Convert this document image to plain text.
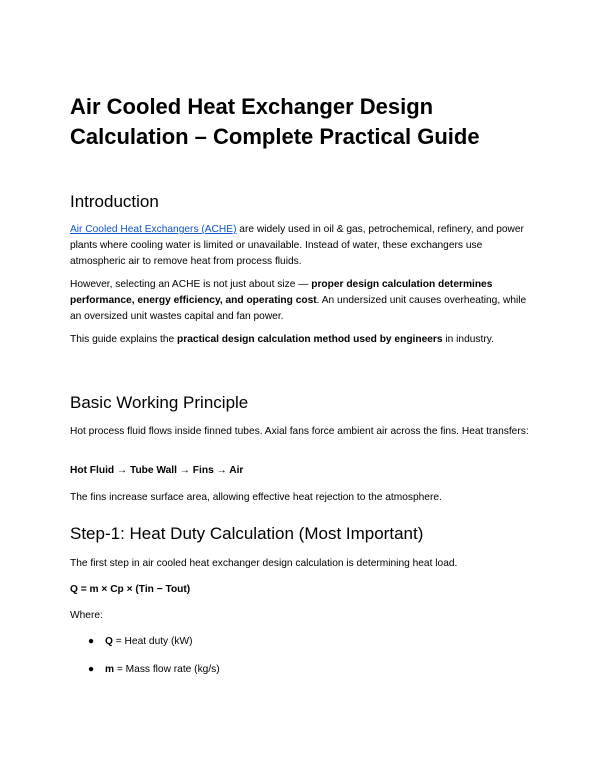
Air Cooled Heat Exchanger Design Calculation – Complete Practical Guide
Introduction

Air Cooled Heat Exchangers (ACHE) are widely used in oil & gas, petrochemical, refinery, and power plants where cooling water is limited or unavailable. Instead of water, these exchangers use atmospheric air to remove heat from process fluids.

However, selecting an ACHE is not just about size — proper design calculation determines performance, energy efficiency, and operating cost. An undersized unit causes overheating, while an oversized unit wastes capital and fan power.

This guide explains the practical design calculation method used by engineers in industry.

Basic Working Principle

Hot process fluid flows inside finned tubes. Axial fans force ambient air across the fins. Heat transfers:

Hot Fluid → Tube Wall → Fins → Air

The fins increase surface area, allowing effective heat rejection to the atmosphere.

Step-1: Heat Duty Calculation (Most Important)

The first step in air cooled heat exchanger design calculation is determining heat load.

Q = m × Cp × (Tin − Tout)

Where:

● Q = Heat duty (kW)
● m = Mass flow rate (kg/s)
